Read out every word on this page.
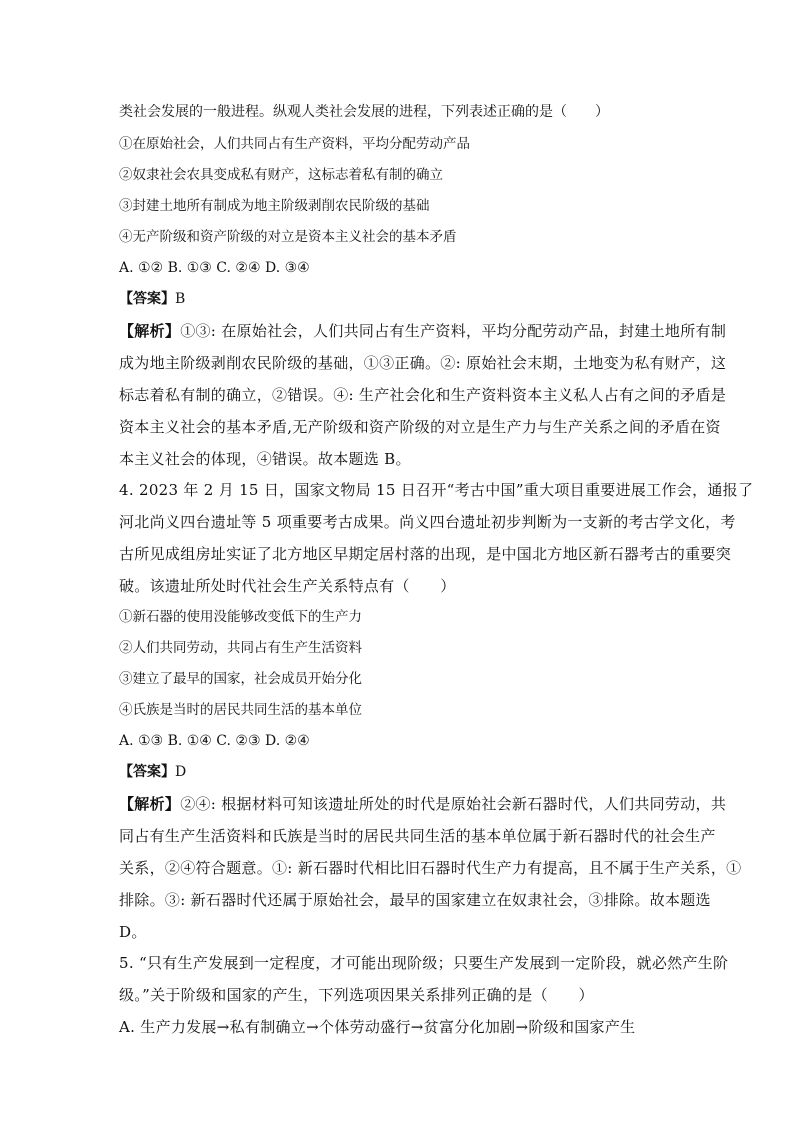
类社会发展的一般进程。纵观人类社会发展的进程，下列表述正确的是（　　）
①在原始社会，人们共同占有生产资料，平均分配劳动产品
②奴隶社会农具变成私有财产，这标志着私有制的确立
③封建土地所有制成为地主阶级剥削农民阶级的基础
④无产阶级和资产阶级的对立是资本主义社会的基本矛盾
A. ①② B. ①③ C. ②④ D. ③④
【答案】B
【解析】①③: 在原始社会，人们共同占有生产资料，平均分配劳动产品，封建土地所有制
成为地主阶级剥削农民阶级的基础，①③正确。②: 原始社会末期，土地变为私有财产，这
标志着私有制的确立，②错误。④: 生产社会化和生产资料资本主义私人占有之间的矛盾是
资本主义社会的基本矛盾,无产阶级和资产阶级的对立是生产力与生产关系之间的矛盾在资
本主义社会的体现，④错误。故本题选 B。
4. 2023 年 2 月 15 日，国家文物局 15 日召开“考古中国”重大项目重要进展工作会，通报了
河北尚义四台遗址等 5 项重要考古成果。尚义四台遗址初步判断为一支新的考古学文化，考
古所见成组房址实证了北方地区早期定居村落的出现，是中国北方地区新石器考古的重要突
破。该遗址所处时代社会生产关系特点有（　　）
①新石器的使用没能够改变低下的生产力
②人们共同劳动，共同占有生产生活资料
③建立了最早的国家，社会成员开始分化
④氏族是当时的居民共同生活的基本单位
A. ①③ B. ①④ C. ②③ D. ②④
【答案】D
【解析】②④: 根据材料可知该遗址所处的时代是原始社会新石器时代，人们共同劳动，共
同占有生产生活资料和氏族是当时的居民共同生活的基本单位属于新石器时代的社会生产
关系，②④符合题意。①: 新石器时代相比旧石器时代生产力有提高，且不属于生产关系，①
排除。③: 新石器时代还属于原始社会，最早的国家建立在奴隶社会，③排除。故本题选
D。
5. “只有生产发展到一定程度，才可能出现阶级；只要生产发展到一定阶段，就必然产生阶
级。”关于阶级和国家的产生，下列选项因果关系排列正确的是（　　）
A. 生产力发展→私有制确立→个体劳动盛行→贫富分化加剧→阶级和国家产生
